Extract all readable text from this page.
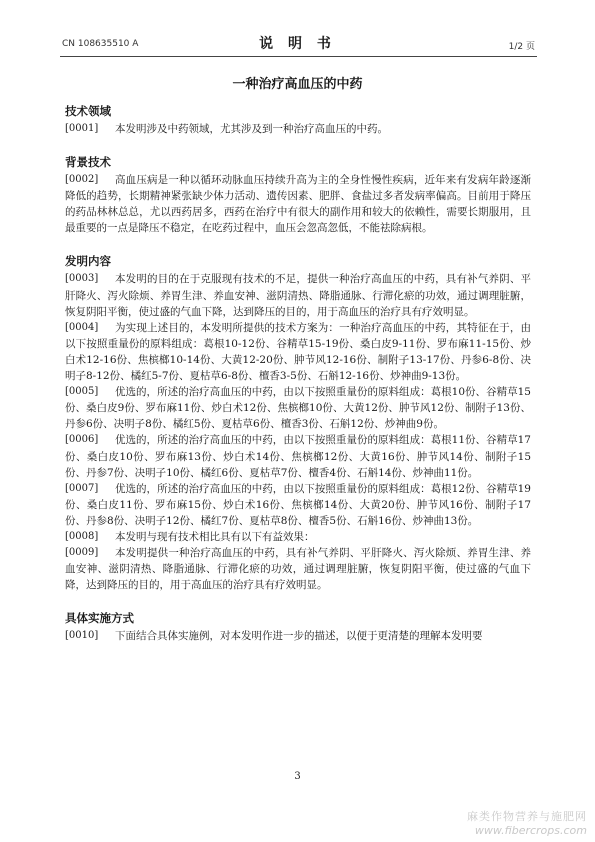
CN 108635510 A	说 明 书	1/2 页
一种治疗高血压的中药
技术领域
[0001]	本发明涉及中药领域，尤其涉及到一种治疗高血压的中药。
背景技术
[0002]	高血压病是一种以循环动脉血压持续升高为主的全身性慢性疾病，近年来有发病年龄逐渐降低的趋势，长期精神紧张缺少体力活动、遗传因素、肥胖、食盐过多者发病率偏高。目前用于降压的药品林林总总，尤以西药居多，西药在治疗中有很大的副作用和较大的依赖性，需要长期服用，且最重要的一点是降压不稳定，在吃药过程中，血压会忽高忽低，不能祛除病根。
发明内容
[0003]	本发明的目的在于克服现有技术的不足，提供一种治疗高血压的中药，具有补气养阴、平肝降火、泻火除烦、养胃生津、养血安神、滋阴清热、降脂通脉、行滞化瘀的功效，通过调理脏腑，恢复阴阳平衡，使过盛的气血下降，达到降压的目的，用于高血压的治疗具有疗效明显。
[0004]	为实现上述目的，本发明所提供的技术方案为：一种治疗高血压的中药，其特征在于，由以下按照重量份的原料组成：葛根10-12份、谷精草15-19份、桑白皮9-11份、罗布麻11-15份、炒白术12-16份、焦槟榔10-14份、大黄12-20份、肿节风12-16份、制附子13-17份、丹参6-8份、决明子8-12份、橘红5-7份、夏枯草6-8份、檀香3-5份、石斛12-16份、炒神曲9-13份。
[0005]	优选的，所述的治疗高血压的中药，由以下按照重量份的原料组成：葛根10份、谷精草15份、桑白皮9份、罗布麻11份、炒白术12份、焦槟榔10份、大黄12份、肿节风12份、制附子13份、丹参6份、决明子8份、橘红5份、夏枯草6份、檀香3份、石斛12份、炒神曲9份。
[0006]	优选的，所述的治疗高血压的中药，由以下按照重量份的原料组成：葛根11份、谷精草17份、桑白皮10份、罗布麻13份、炒白术14份、焦槟榔12份、大黄16份、肿节风14份、制附子15份、丹参7份、决明子10份、橘红6份、夏枯草7份、檀香4份、石斛14份、炒神曲11份。
[0007]	优选的，所述的治疗高血压的中药，由以下按照重量份的原料组成：葛根12份、谷精草19份、桑白皮11份、罗布麻15份、炒白术16份、焦槟榔14份、大黄20份、肿节风16份、制附子17份、丹参8份、决明子12份、橘红7份、夏枯草8份、檀香5份、石斛16份、炒神曲13份。
[0008]	本发明与现有技术相比具有以下有益效果：
[0009]	本发明提供一种治疗高血压的中药，具有补气养阴、平肝降火、泻火除烦、养胃生津、养血安神、滋阴清热、降脂通脉、行滞化瘀的功效，通过调理脏腑，恢复阴阳平衡，使过盛的气血下降，达到降压的目的，用于高血压的治疗具有疗效明显。
具体实施方式
[0010]	下面结合具体实施例，对本发明作进一步的描述，以便于更清楚的理解本发明要
3
麻类作物营养与施肥网
www.fibercrops.com
